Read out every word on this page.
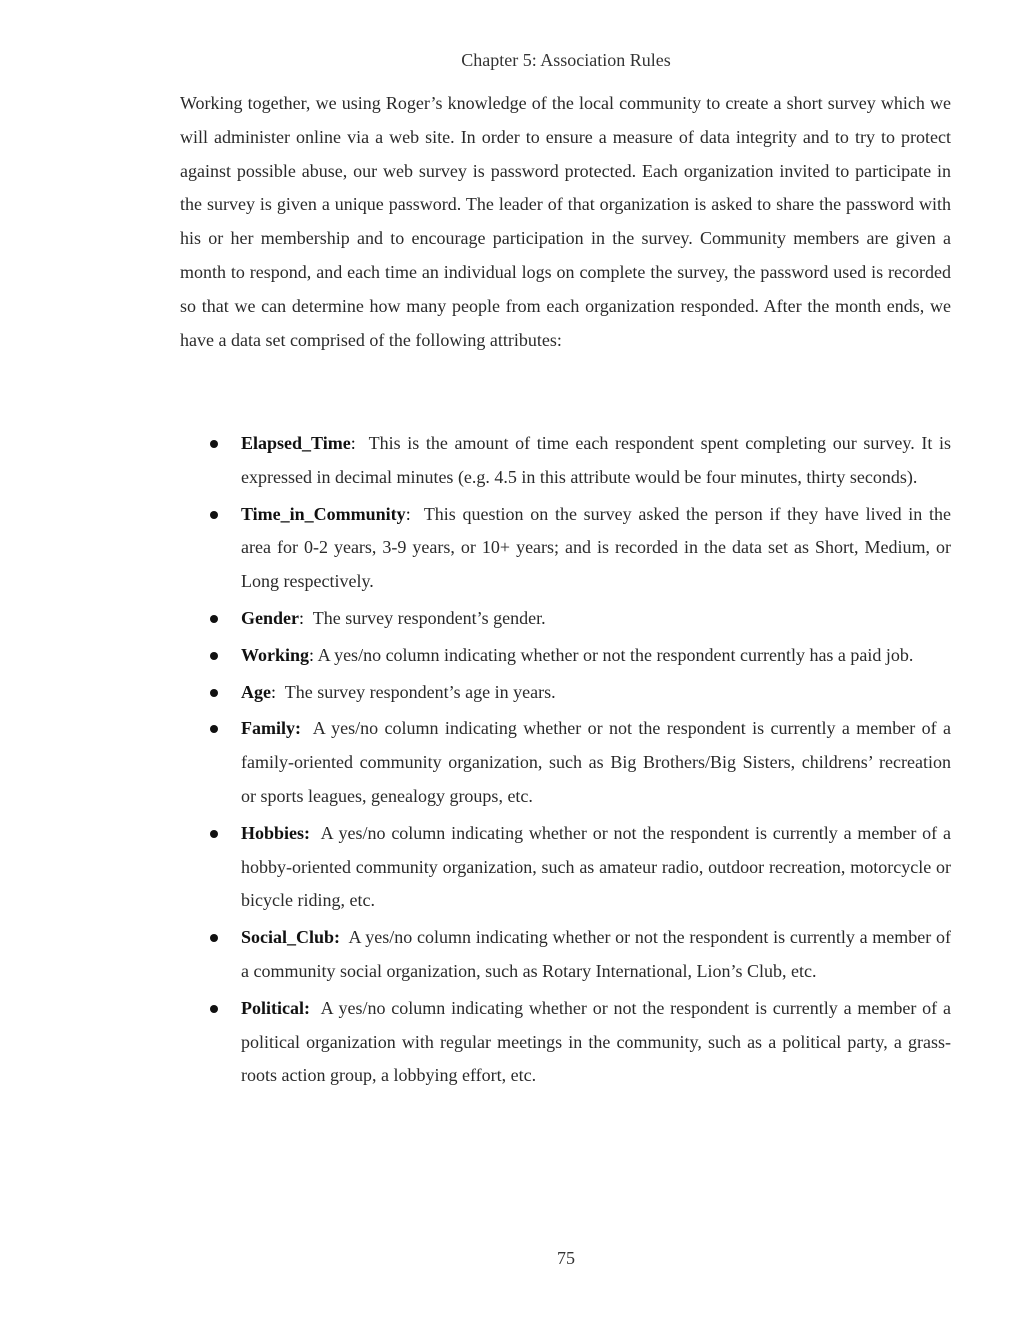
Chapter 5: Association Rules

Working together, we using Roger’s knowledge of the local community to create a short survey which we will administer online via a web site. In order to ensure a measure of data integrity and to try to protect against possible abuse, our web survey is password protected. Each organization invited to participate in the survey is given a unique password. The leader of that organization is asked to share the password with his or her membership and to encourage participation in the survey. Community members are given a month to respond, and each time an individual logs on complete the survey, the password used is recorded so that we can determine how many people from each organization responded. After the month ends, we have a data set comprised of the following attributes:

Elapsed_Time: This is the amount of time each respondent spent completing our survey. It is expressed in decimal minutes (e.g. 4.5 in this attribute would be four minutes, thirty seconds).
Time_in_Community: This question on the survey asked the person if they have lived in the area for 0-2 years, 3-9 years, or 10+ years; and is recorded in the data set as Short, Medium, or Long respectively.
Gender: The survey respondent’s gender.
Working: A yes/no column indicating whether or not the respondent currently has a paid job.
Age: The survey respondent’s age in years.
Family: A yes/no column indicating whether or not the respondent is currently a member of a family-oriented community organization, such as Big Brothers/Big Sisters, childrens’ recreation or sports leagues, genealogy groups, etc.
Hobbies: A yes/no column indicating whether or not the respondent is currently a member of a hobby-oriented community organization, such as amateur radio, outdoor recreation, motorcycle or bicycle riding, etc.
Social_Club: A yes/no column indicating whether or not the respondent is currently a member of a community social organization, such as Rotary International, Lion’s Club, etc.
Political: A yes/no column indicating whether or not the respondent is currently a member of a political organization with regular meetings in the community, such as a political party, a grass-roots action group, a lobbying effort, etc.
75
